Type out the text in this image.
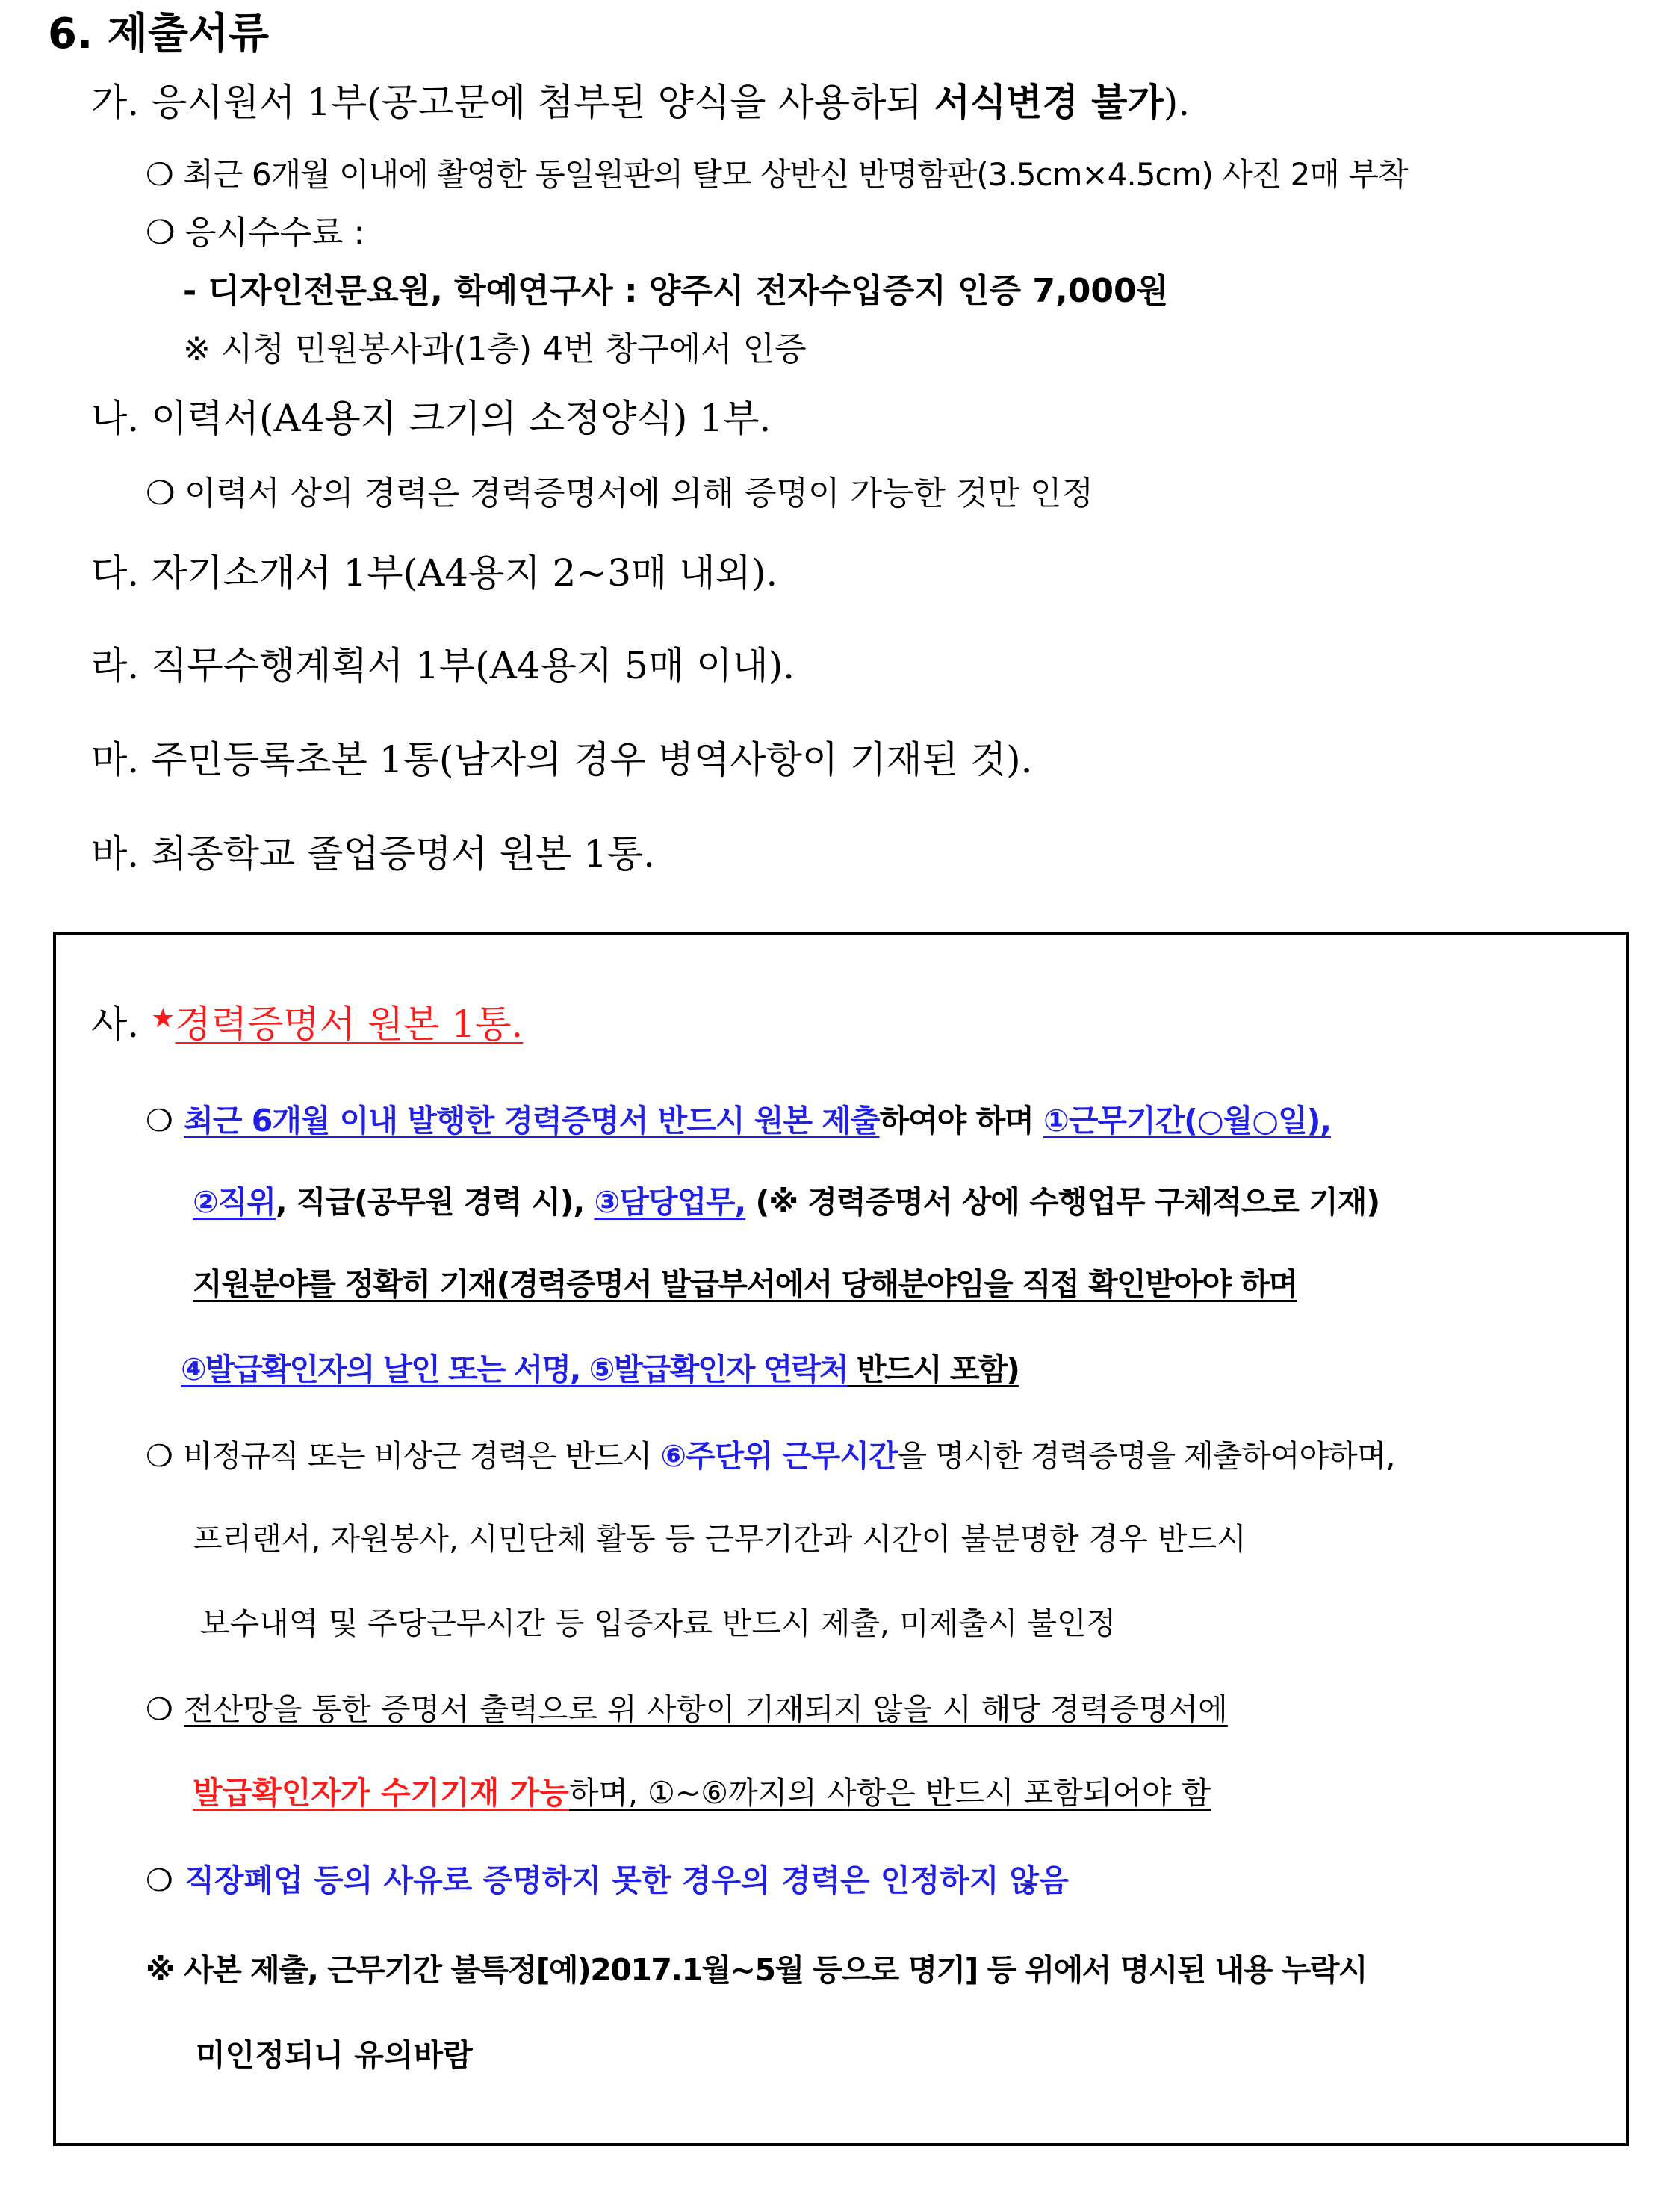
6. 제출서류
가. 응시원서 1부(공고문에 첨부된 양식을 사용하되 서식변경 불가).
❍ 최근 6개월 이내에 촬영한 동일원판의 탈모 상반신 반명함판(3.5cm×4.5cm) 사진 2매 부착
❍ 응시수수료 :
- 디자인전문요원, 학예연구사 : 양주시 전자수입증지 인증 7,000원
※ 시청 민원봉사과(1층) 4번 창구에서 인증
나. 이력서(A4용지 크기의 소정양식) 1부.
❍ 이력서 상의 경력은 경력증명서에 의해 증명이 가능한 것만 인정
다. 자기소개서 1부(A4용지 2~3매 내외).
라. 직무수행계획서 1부(A4용지 5매 이내).
마. 주민등록초본 1통(남자의 경우 병역사항이 기재된 것).
바. 최종학교 졸업증명서 원본 1통.
사. ★경력증명서 원본 1통.
❍ 최근 6개월 이내 발행한 경력증명서 반드시 원본 제출하여야 하며 ①근무기간(○월○일),
②직위, 직급(공무원 경력 시), ③담당업무, (※ 경력증명서 상에 수행업무 구체적으로 기재)
지원분야를 정확히 기재(경력증명서 발급부서에서 당해분야임을 직접 확인받아야 하며
④발급확인자의 날인 또는 서명, ⑤발급확인자 연락처 반드시 포함)
❍ 비정규직 또는 비상근 경력은 반드시 ⑥주단위 근무시간을 명시한 경력증명을 제출하여야하며,
프리랜서, 자원봉사, 시민단체 활동 등 근무기간과 시간이 불분명한 경우 반드시
보수내역 및 주당근무시간 등 입증자료 반드시 제출, 미제출시 불인정
❍ 전산망을 통한 증명서 출력으로 위 사항이 기재되지 않을 시 해당 경력증명서에
발급확인자가 수기기재 가능하며, ①~⑥까지의 사항은 반드시 포함되어야 함
❍ 직장폐업 등의 사유로 증명하지 못한 경우의 경력은 인정하지 않음
※ 사본 제출, 근무기간 불특정[예)2017.1월~5월 등으로 명기] 등 위에서 명시된 내용 누락시
미인정되니 유의바람
